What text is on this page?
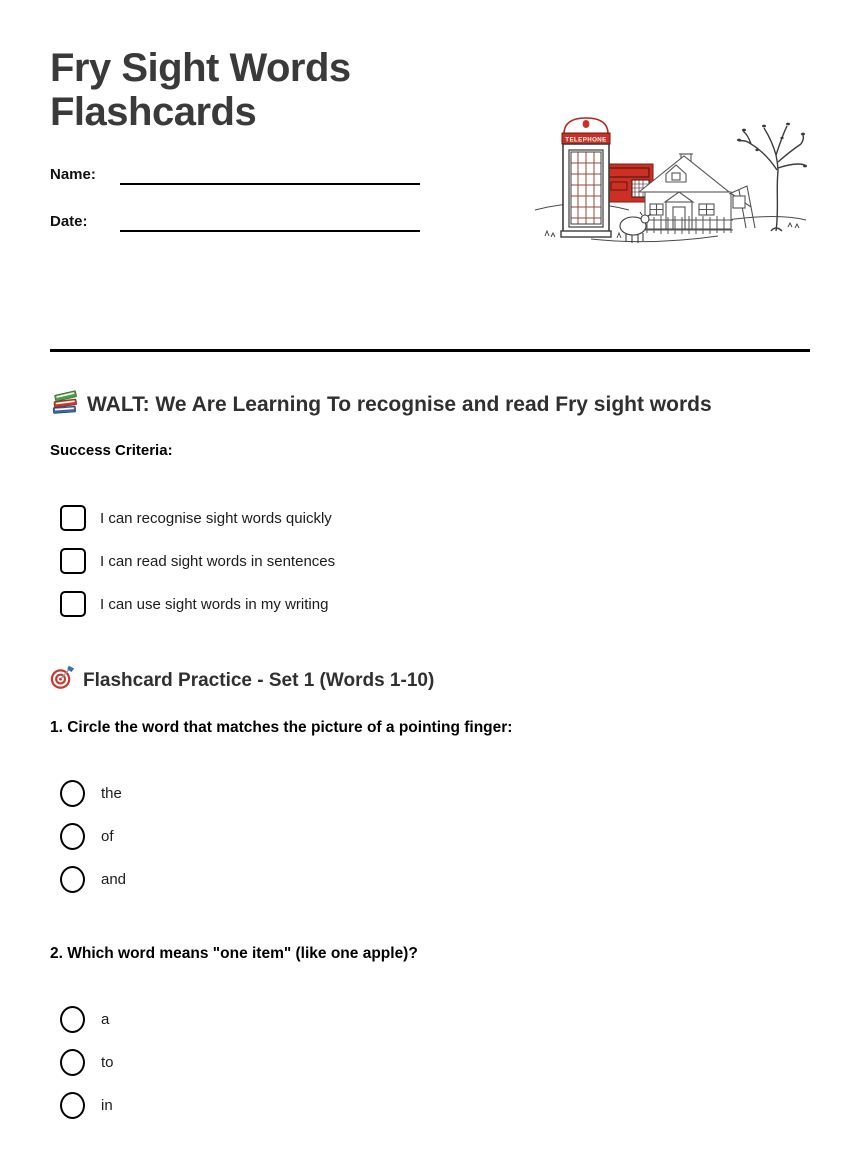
Fry Sight Words
Flashcards
Name:
Date:
TELEPHONE
WALT: We Are Learning To recognise and read Fry sight words
Success Criteria:
I can recognise sight words quickly
I can read sight words in sentences
I can use sight words in my writing
Flashcard Practice - Set 1 (Words 1-10)
1. Circle the word that matches the picture of a pointing finger:
the
of
and
2. Which word means "one item" (like one apple)?
a
to
in
